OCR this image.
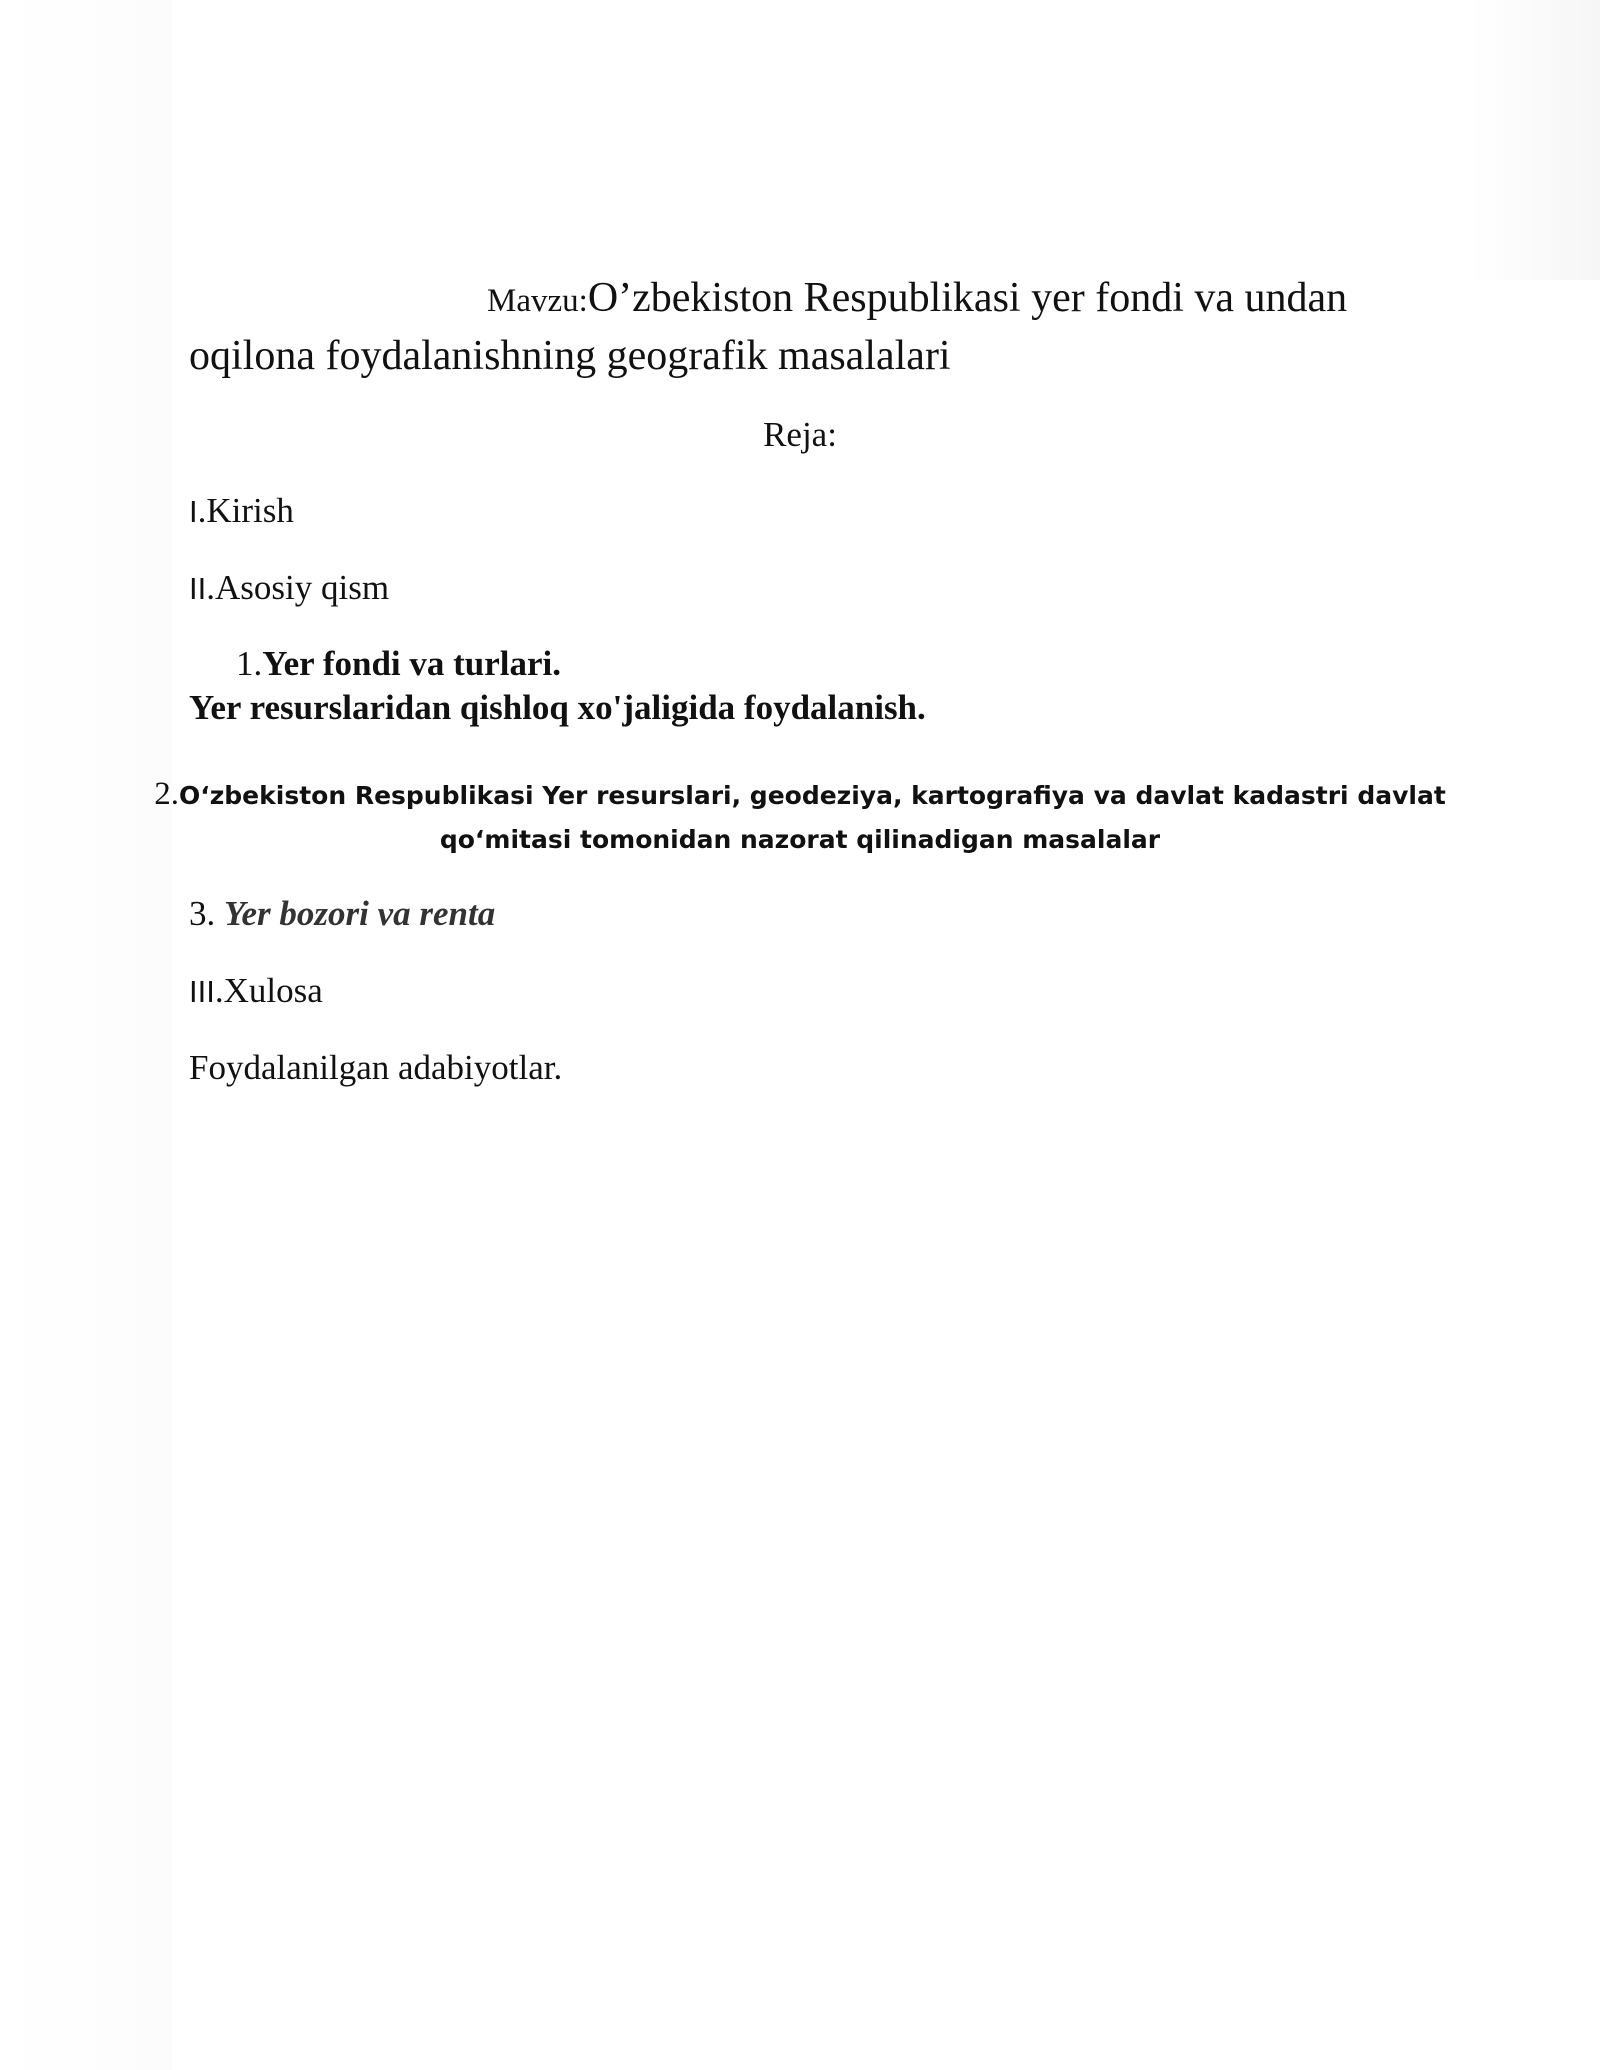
Mavzu:O’zbekiston Respublikasi yer fondi va undan
oqilona foydalanishning geografik masalalari
Reja:
I.Kirish
II.Asosiy qism
1.Yer fondi va turlari.
Yer resurslaridan qishloq xo'jaligida foydalanish.
2.O‘zbekiston Respublikasi Yer resurslari, geodeziya, kartografiya va davlat kadastri davlat
qo‘mitasi tomonidan nazorat qilinadigan masalalar
3. Yer bozori va renta
III.Xulosa
Foydalanilgan adabiyotlar.
